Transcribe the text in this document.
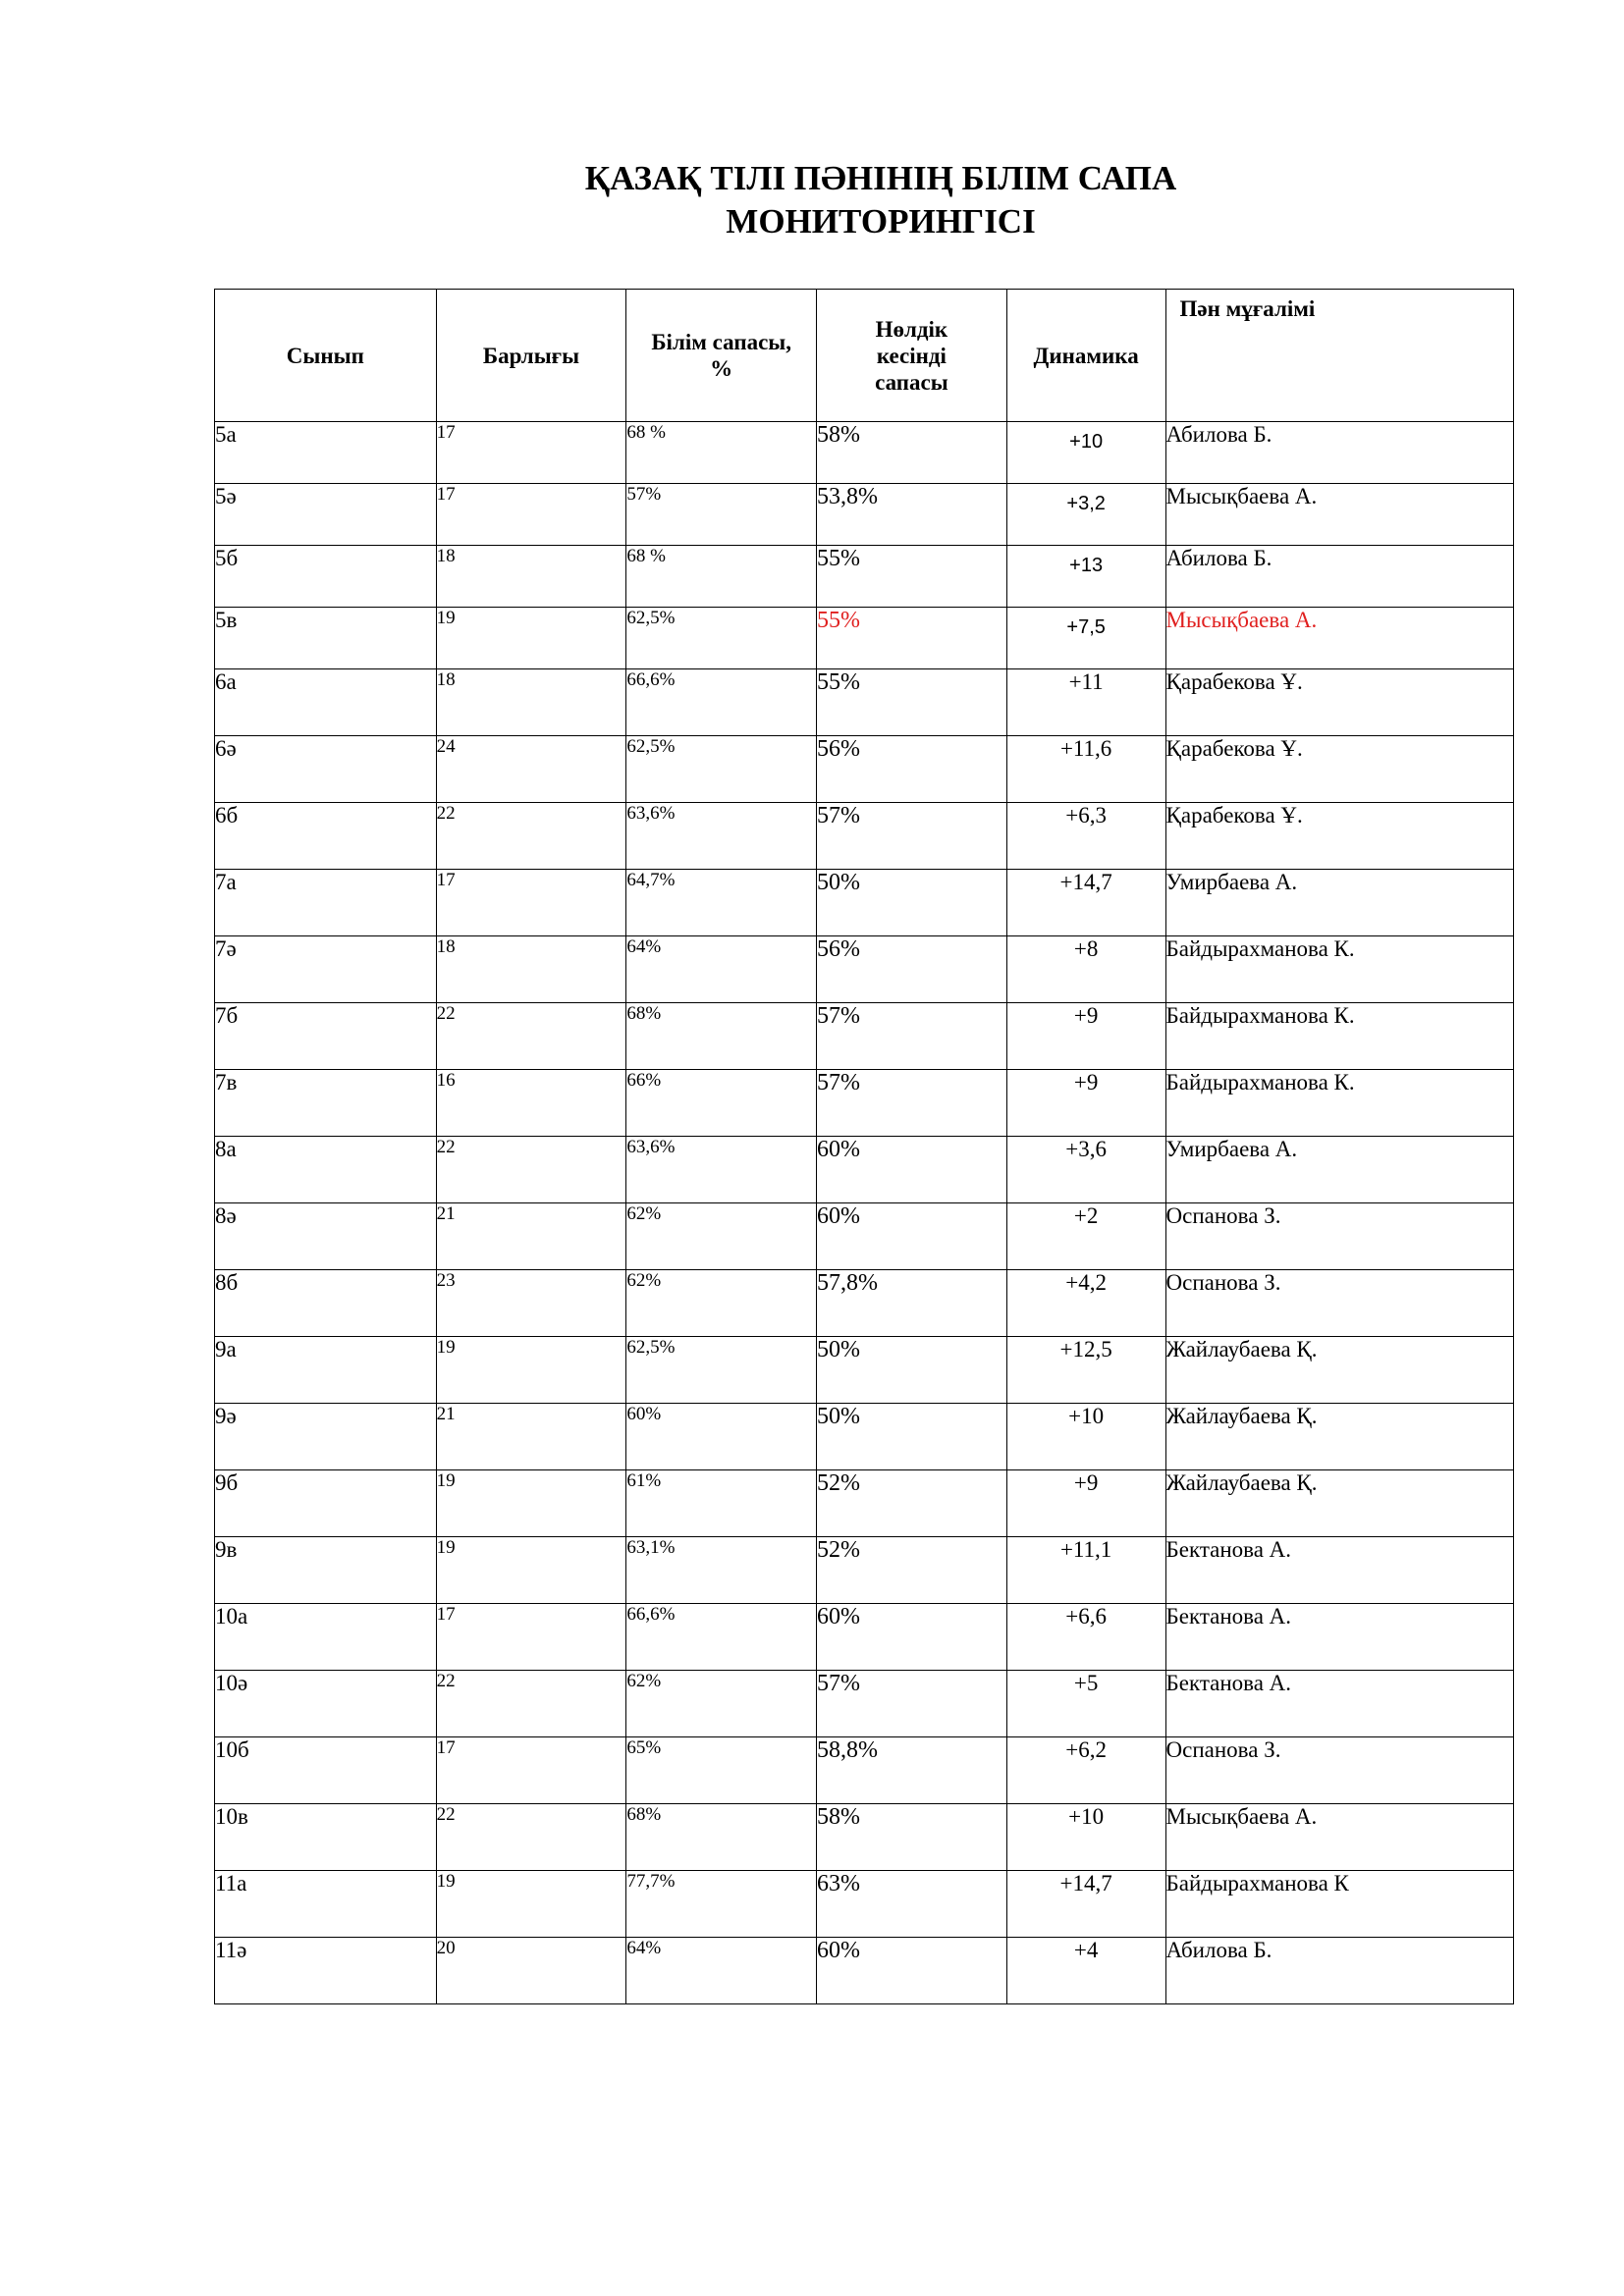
ҚАЗАҚ ТІЛІ ПӘНІНІҢ БІЛІМ САПА
МОНИТОРИНГІСІ
Сынып	Барлығы	Білім сапасы, %	Нөлдік кесінді сапасы	Динамика	Пән мұғалімі
5а	17	68 %	58%	+10	Абилова Б.
5ә	17	57%	53,8%	+3,2	Мысықбаева А.
5б	18	68 %	55%	+13	Абилова Б.
5в	19	62,5%	55%	+7,5	Мысықбаева А.
6а	18	66,6%	55%	+11	Қарабекова Ұ.
6ә	24	62,5%	56%	+11,6	Қарабекова Ұ.
6б	22	63,6%	57%	+6,3	Қарабекова Ұ.
7а	17	64,7%	50%	+14,7	Умирбаева А.
7ә	18	64%	56%	+8	Байдырахманова К.
7б	22	68%	57%	+9	Байдырахманова К.
7в	16	66%	57%	+9	Байдырахманова К.
8а	22	63,6%	60%	+3,6	Умирбаева А.
8ә	21	62%	60%	+2	Оспанова З.
8б	23	62%	57,8%	+4,2	Оспанова З.
9а	19	62,5%	50%	+12,5	Жайлаубаева Қ.
9ә	21	60%	50%	+10	Жайлаубаева Қ.
9б	19	61%	52%	+9	Жайлаубаева Қ.
9в	19	63,1%	52%	+11,1	Бектанова А.
10а	17	66,6%	60%	+6,6	Бектанова А.
10ә	22	62%	57%	+5	Бектанова А.
10б	17	65%	58,8%	+6,2	Оспанова З.
10в	22	68%	58%	+10	Мысықбаева А.
11а	19	77,7%	63%	+14,7	Байдырахманова К
11ә	20	64%	60%	+4	Абилова Б.
